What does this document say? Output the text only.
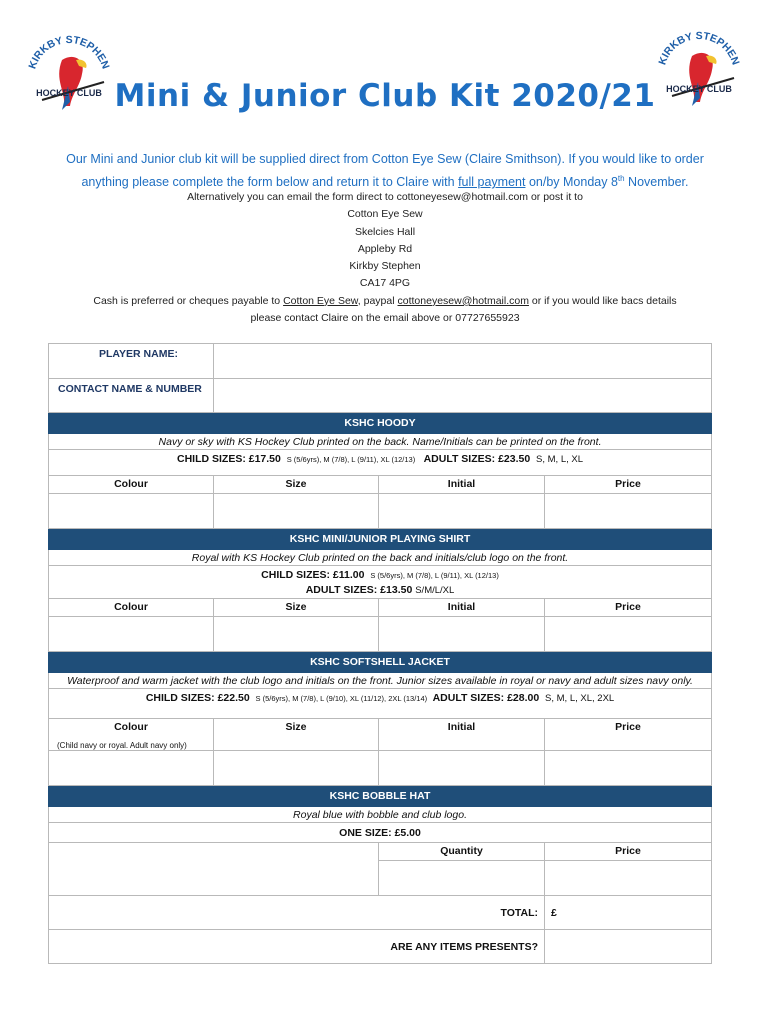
KIRKBY STEPHEN
HOCKEY CLUB
KIRKBY STEPHEN
HOCKEY CLUB
Mini & Junior Club Kit 2020/21
Our Mini and Junior club kit will be supplied direct from Cotton Eye Sew (Claire Smithson). If you would like to order
anything please complete the form below and return it to Claire with full payment on/by Monday 8th November.
Alternatively you can email the form direct to cottoneyesew@hotmail.com or post it to
Cotton Eye Sew
Skelcies Hall
Appleby Rd
Kirkby Stephen
CA17 4PG
Cash is preferred or cheques payable to Cotton Eye Sew, paypal cottoneyesew@hotmail.com or if you would like bacs details
please contact Claire on the email above or 07727655923
PLAYER NAME:			
CONTACT NAME & NUMBER			
KSHC HOODY			
Navy or sky with KS Hockey Club printed on the back. Name/Initials can be printed on the front.			
CHILD SIZES: £17.50 S (5/6yrs), M (7/8), L (9/11), XL (12/13) ADULT SIZES: £23.50 S, M, L, XL			
Colour	Size	Initial	Price

KSHC MINI/JUNIOR PLAYING SHIRT			
Royal with KS Hockey Club printed on the back and initials/club logo on the front.			
CHILD SIZES: £11.00 S (5/6yrs), M (7/8), L (9/11), XL (12/13)
ADULT SIZES: £13.50 S/M/L/XL			
Colour	Size	Initial	Price

KSHC SOFTSHELL JACKET			
Waterproof and warm jacket with the club logo and initials on the front. Junior sizes available in royal or navy and adult sizes navy only.			
CHILD SIZES: £22.50 S (5/6yrs), M (7/8), L (9/10), XL (11/12), 2XL (13/14) ADULT SIZES: £28.00 S, M, L, XL, 2XL			
Colour
(Child navy or royal. Adult navy only)	Size	Initial	Price

KSHC BOBBLE HAT			
Royal blue with bobble and club logo.			
ONE SIZE: £5.00			
		Quantity	Price

TOTAL:			£
ARE ANY ITEMS PRESENTS?			
